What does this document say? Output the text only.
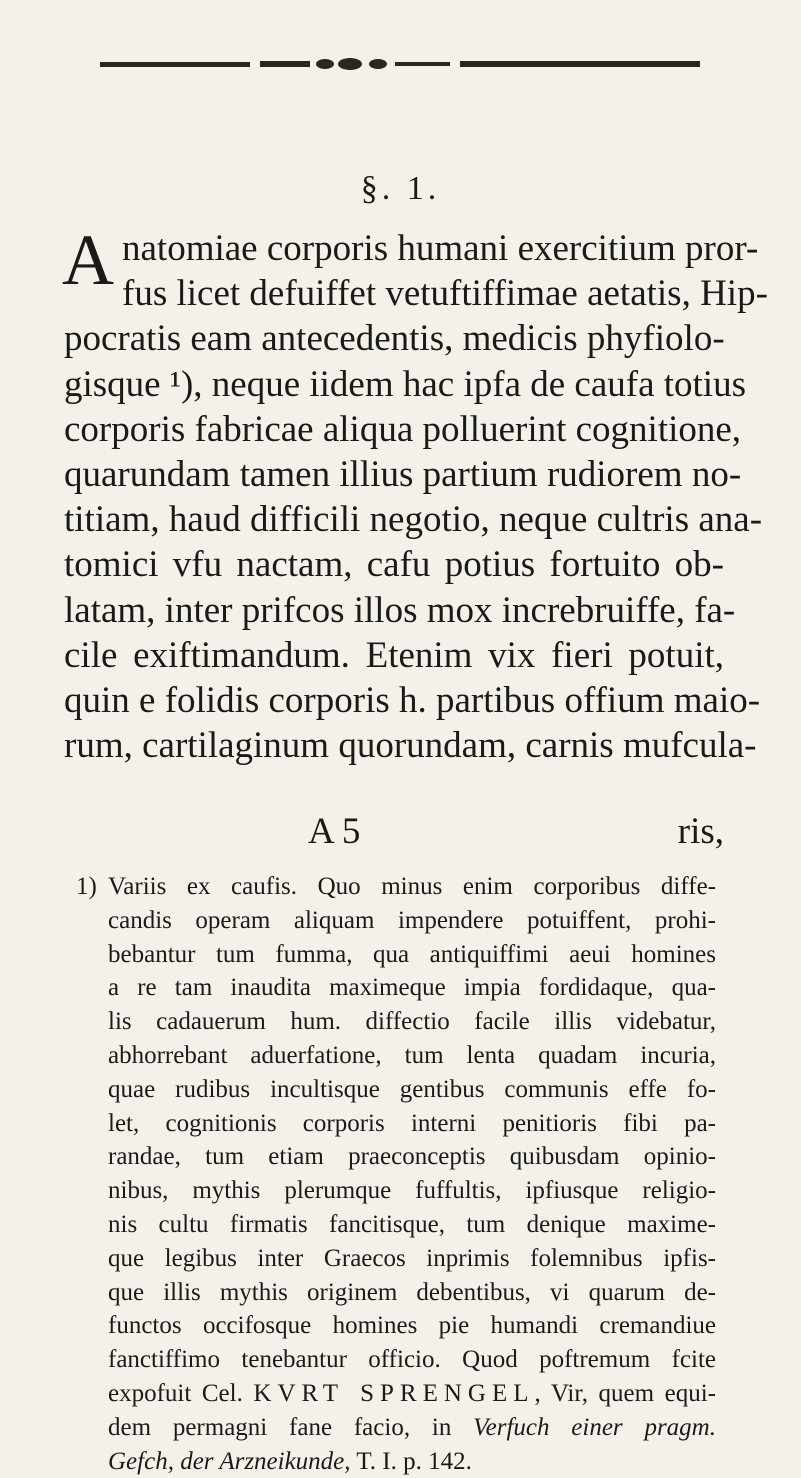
§. 1.
A natomiae corporis humani exercitium pror-
fus licet defuiffet vetuftiffimae aetatis, Hip-
pocratis eam antecedentis, medicis phyfiolo-
gisque ¹), neque iidem hac ipfa de caufa totius
corporis fabricae aliqua polluerint cognitione,
quarundam tamen illius partium rudiorem no-
titiam, haud difficili negotio, neque cultris ana-
tomici vfu nactam, cafu potius fortuito ob-
latam, inter prifcos illos mox increbruiffe, fa-
cile exiftimandum. Etenim vix fieri potuit,
quin e folidis corporis h. partibus offium maio-
rum, cartilaginum quorundam, carnis mufcula-
A 5	ris,
1) Variis ex caufis. Quo minus enim corporibus diffe-
candis operam aliquam impendere potuiffent, prohi-
bebantur tum fumma, qua antiquiffimi aeui homines
a re tam inaudita maximeque impia fordidaque, qua-
lis cadauerum hum. diffectio facile illis videbatur,
abhorrebant aduerfatione, tum lenta quadam incuria,
quae rudibus incultisque gentibus communis effe fo-
let, cognitionis corporis interni penitioris fibi pa-
randae, tum etiam praeconceptis quibusdam opinio-
nibus, mythis plerumque fuffultis, ipfiusque religio-
nis cultu firmatis fancitisque, tum denique maxime-
que legibus inter Graecos inprimis folemnibus ipfis-
que illis mythis originem debentibus, vi quarum de-
functos occifosque homines pie humandi cremandiue
fanctiffimo tenebantur officio. Quod poftremum fcite
expofuit Cel. KVRT SPRENGEL, Vir, quem equi-
dem permagni fane facio, in Verfuch einer pragm.
Gefch, der Arzneikunde, T. I. p. 142.
